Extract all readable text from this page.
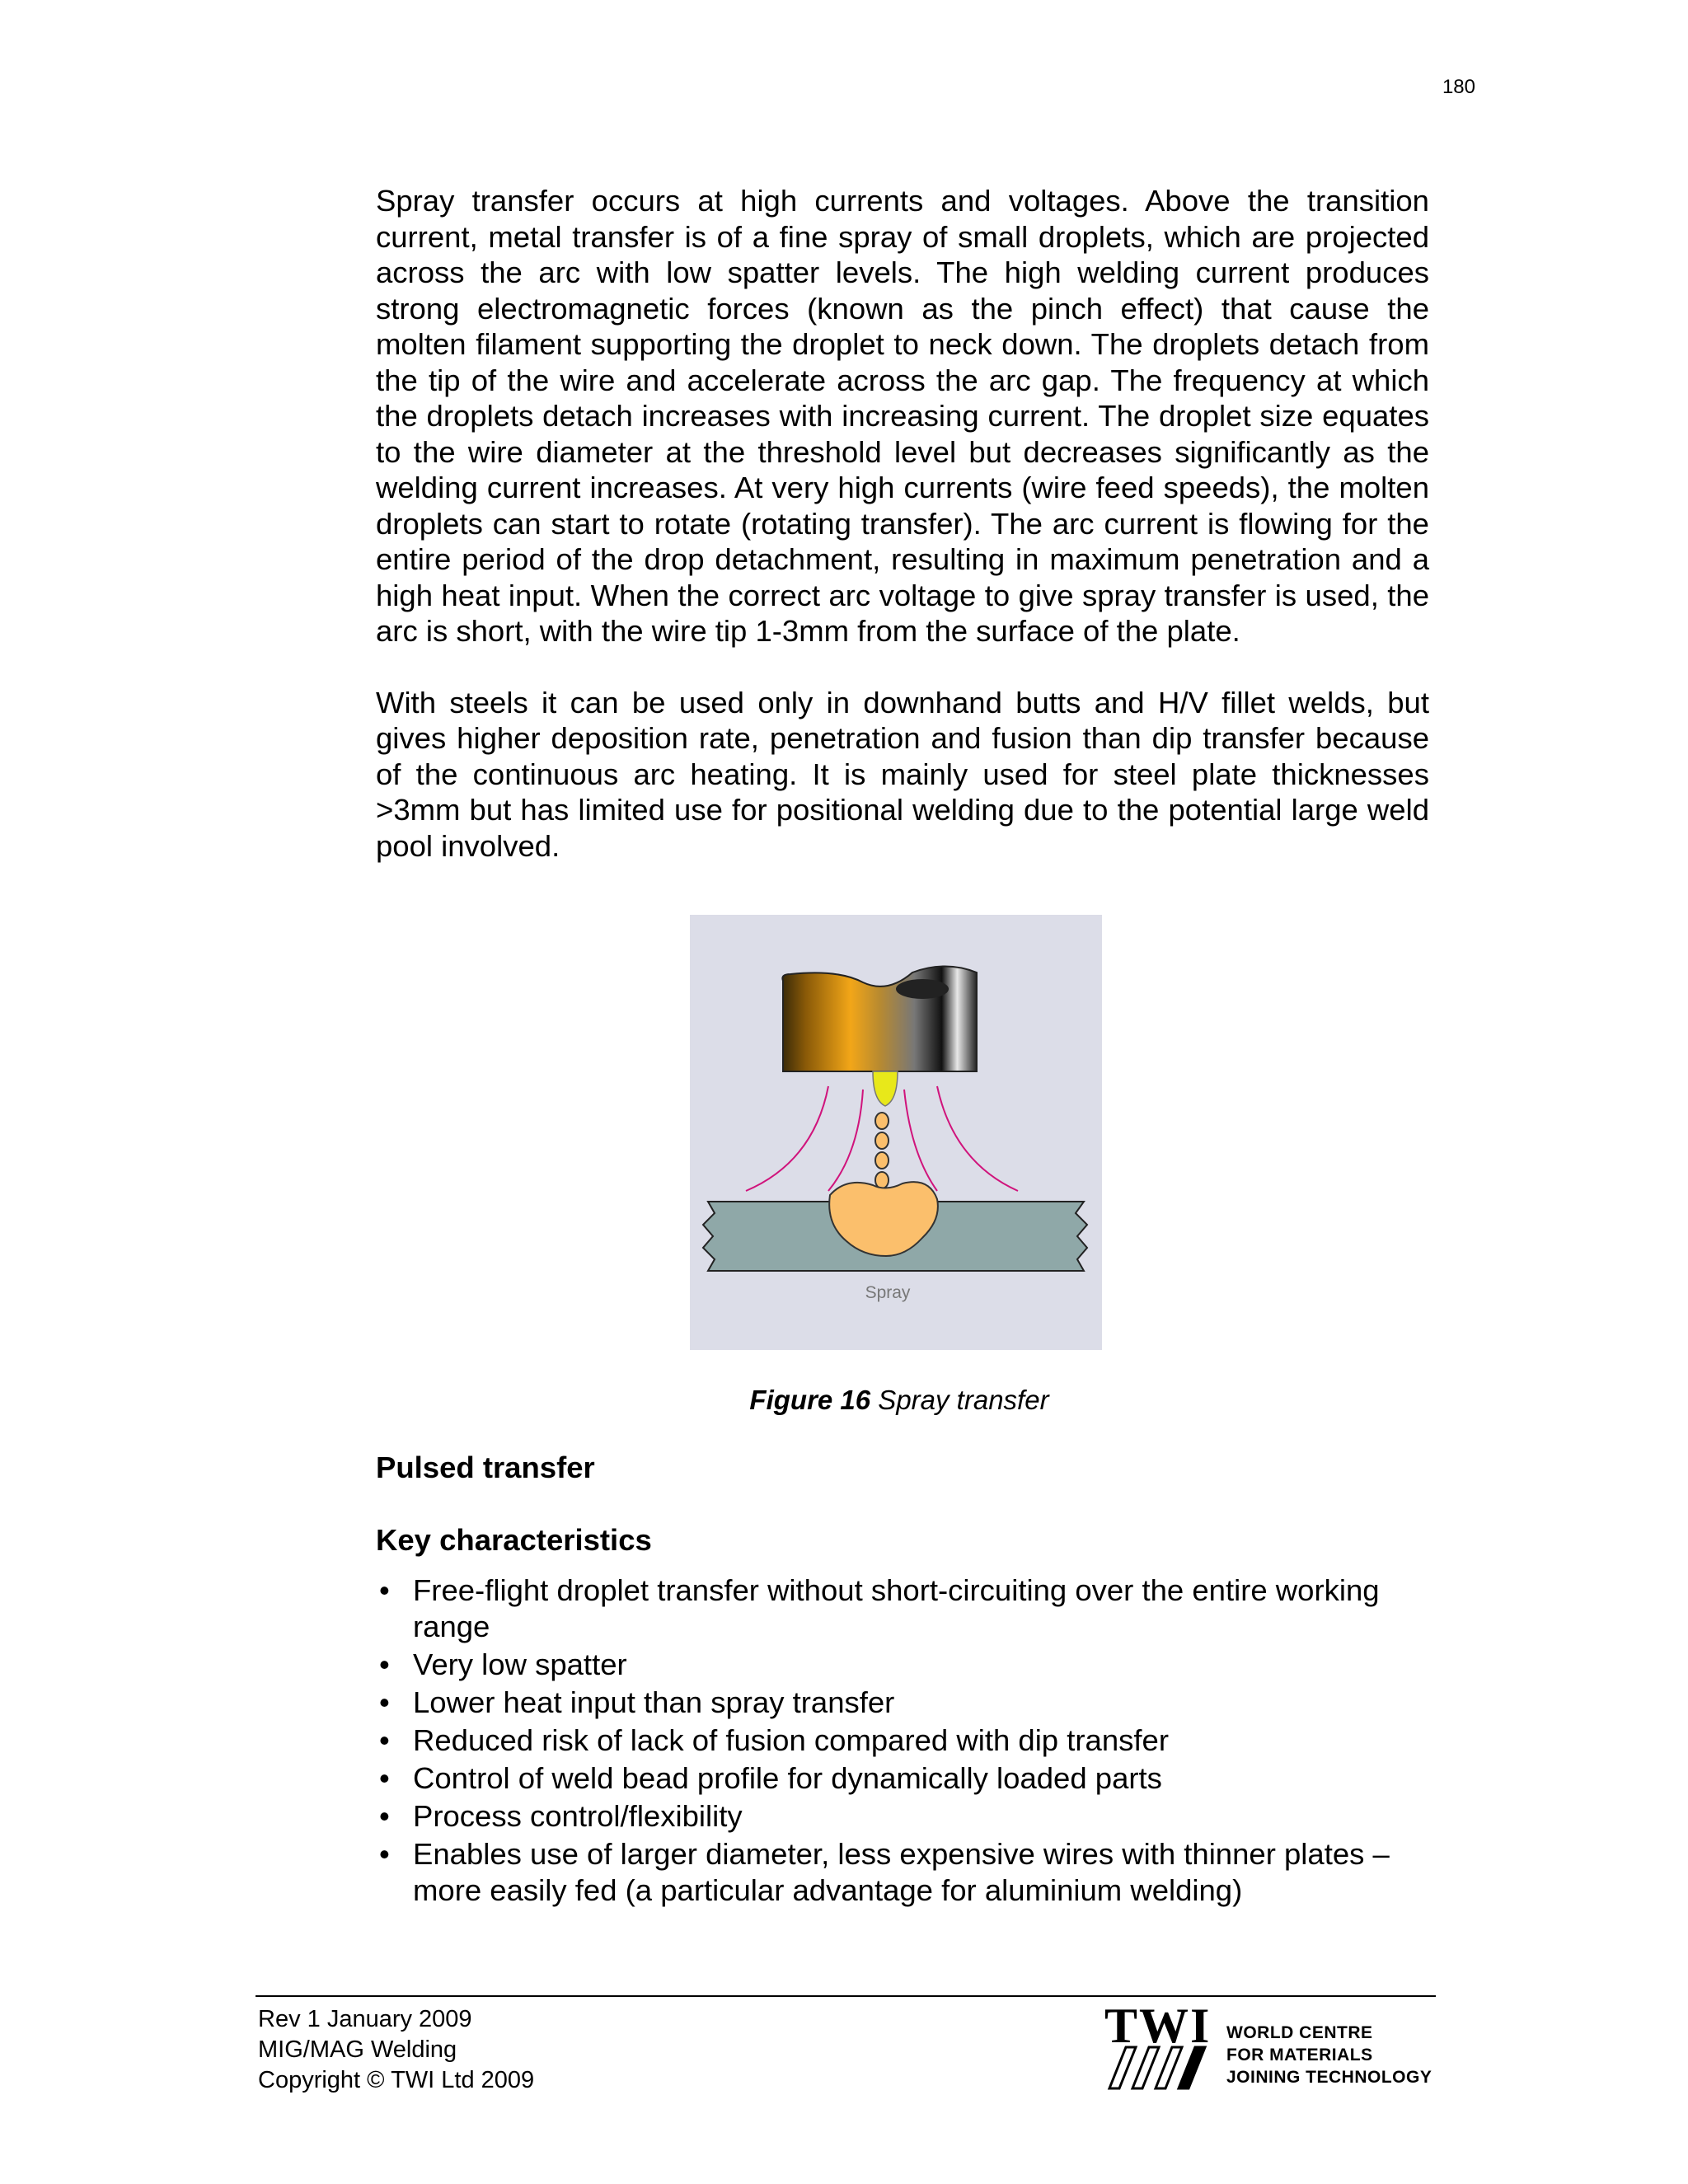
180

Spray transfer occurs at high currents and voltages. Above the transition current, metal transfer is of a fine spray of small droplets, which are projected across the arc with low spatter levels. The high welding current produces strong electromagnetic forces (known as the pinch effect) that cause the molten filament supporting the droplet to neck down. The droplets detach from the tip of the wire and accelerate across the arc gap. The frequency at which the droplets detach increases with increasing current. The droplet size equates to the wire diameter at the threshold level but decreases significantly as the welding current increases. At very high currents (wire feed speeds), the molten droplets can start to rotate (rotating transfer). The arc current is flowing for the entire period of the drop detachment, resulting in maximum penetration and a high heat input. When the correct arc voltage to give spray transfer is used, the arc is short, with the wire tip 1-3mm from the surface of the plate.

With steels it can be used only in downhand butts and H/V fillet welds, but gives higher deposition rate, penetration and fusion than dip transfer because of the continuous arc heating. It is mainly used for steel plate thicknesses >3mm but has limited use for positional welding due to the potential large weld pool involved.

Spray
Figure 16 Spray transfer

Pulsed transfer

Key characteristics

• Free-flight droplet transfer without short-circuiting over the entire working range
• Very low spatter
• Lower heat input than spray transfer
• Reduced risk of lack of fusion compared with dip transfer
• Control of weld bead profile for dynamically loaded parts
• Process control/flexibility
• Enables use of larger diameter, less expensive wires with thinner plates – more easily fed (a particular advantage for aluminium welding)
Rev 1 January 2009
MIG/MAG Welding
Copyright © TWI Ltd 2009
TWI WORLD CENTRE
FOR MATERIALS
JOINING TECHNOLOGY
